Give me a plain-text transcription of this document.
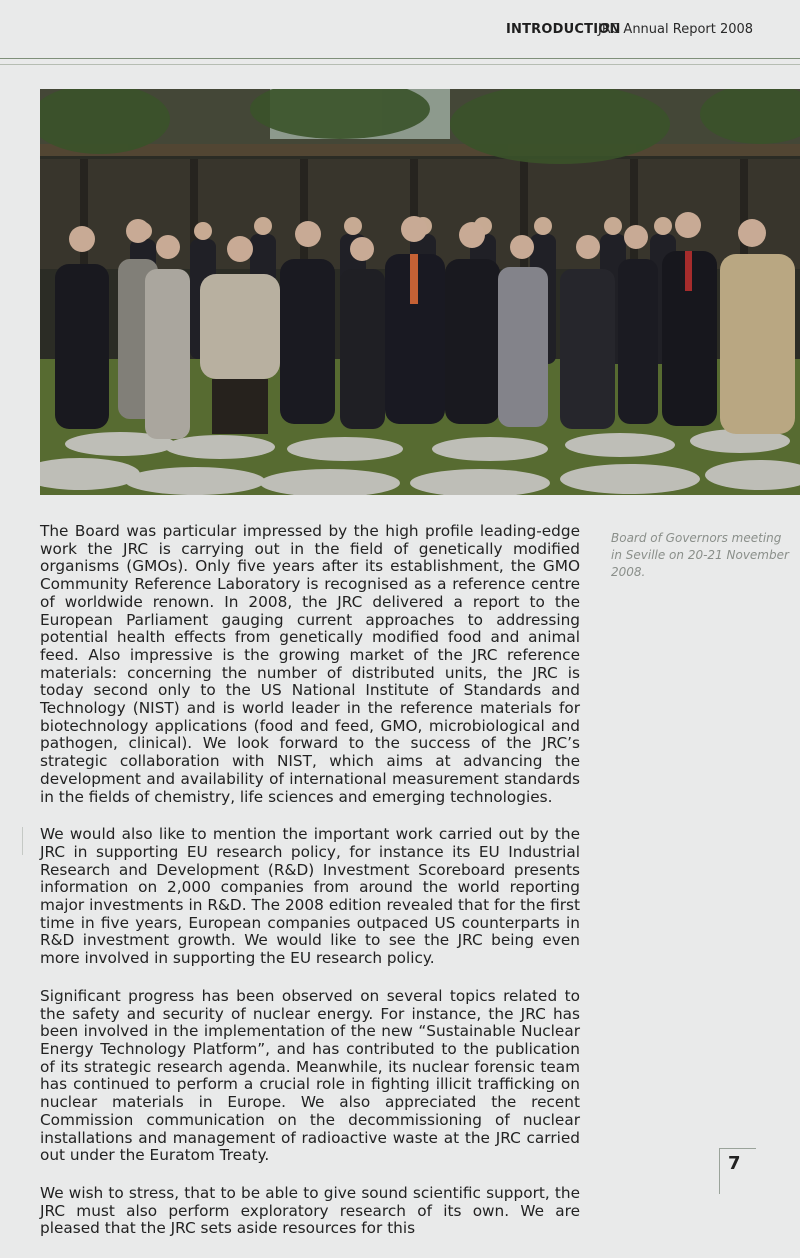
INTRODUCTION
JRC Annual Report 2008
Board of Governors meeting in Seville on 20-21 November 2008.

The Board was particular impressed by the high profile leading-edge work the JRC is carrying out in the field of genetically modified organisms (GMOs). Only five years after its establishment, the GMO Community Reference Laboratory is recognised as a reference centre of worldwide renown. In 2008, the JRC delivered a report to the European Parliament gauging current approaches to addressing potential health effects from genetically modified food and animal feed. Also impressive is the growing market of the JRC reference materials: concerning the number of distributed units, the JRC is today second only to the US National Institute of Standards and Technology (NIST) and is world leader in the reference materials for biotechnology applications (food and feed, GMO, microbiological and pathogen, clinical). We look forward to the success of the JRC’s strategic collaboration with NIST, which aims at advancing the development and availability of international measurement standards in the fields of chemistry, life sciences and emerging technologies.

We would also like to mention the important work carried out by the JRC in supporting EU research policy, for instance its EU Industrial Research and Development (R&D) Investment Scoreboard presents information on 2,000 companies from around the world reporting major investments in R&D. The 2008 edition revealed that for the first time in five years, European companies outpaced US counterparts in R&D investment growth. We would like to see the JRC being even more involved in supporting the EU research policy.

Significant progress has been observed on several topics related to the safety and security of nuclear energy. For instance, the JRC has been involved in the implementation of the new “Sustainable Nuclear Energy Technology Platform”, and has contributed to the publication of its strategic research agenda. Meanwhile, its nuclear forensic team has continued to perform a crucial role in fighting illicit trafficking on nuclear materials in Europe. We also appreciated the recent Commission communication on the decommissioning of nuclear installations and management of radioactive waste at the JRC carried out under the Euratom Treaty.

We wish to stress, that to be able to give sound scientific support, the JRC must also perform exploratory research of its own. We are pleased that the JRC sets aside resources for this

7
